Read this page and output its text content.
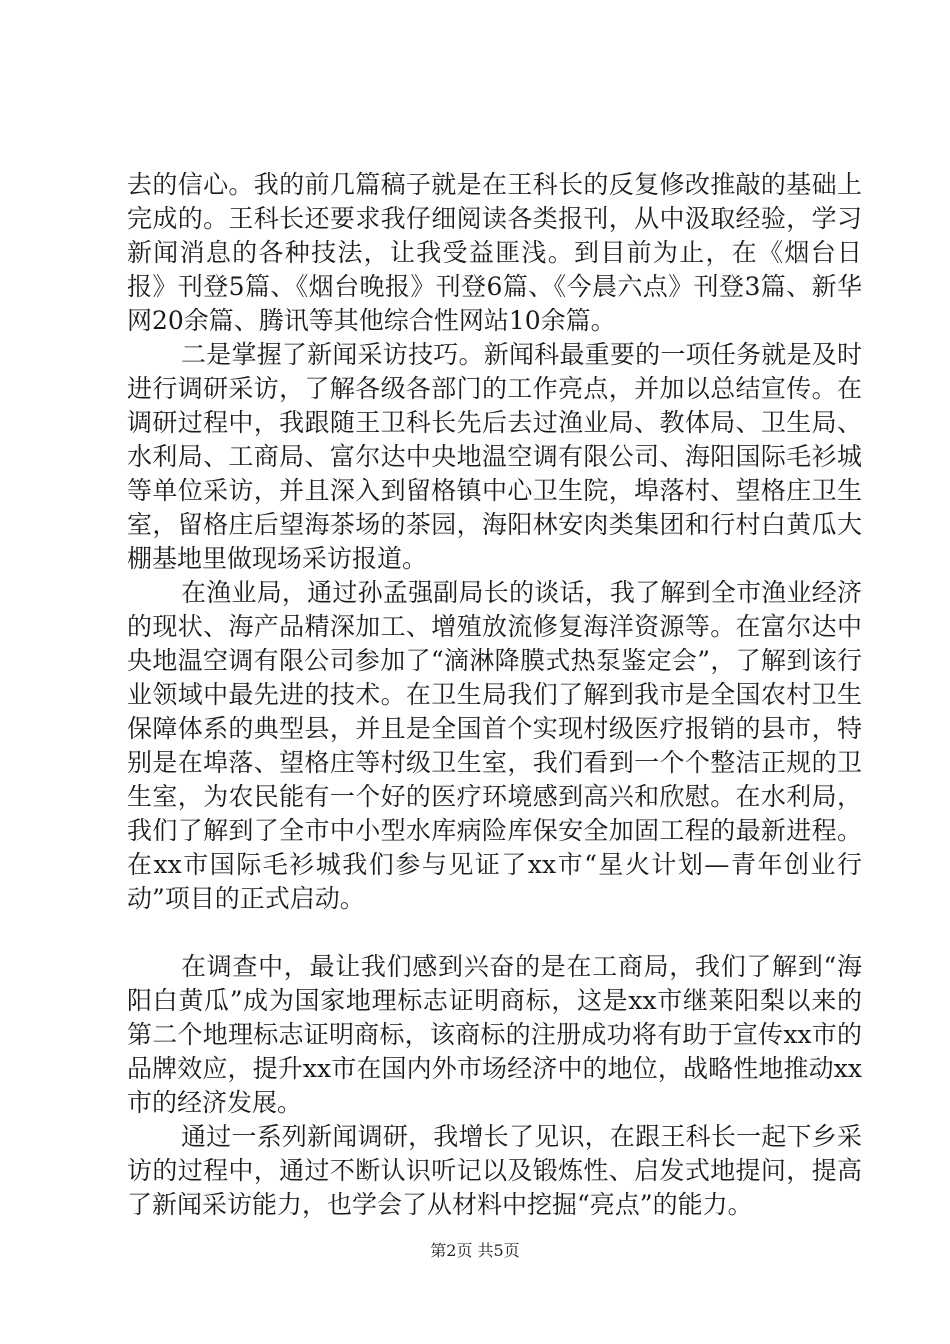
去的信心。我的前几篇稿子就是在王科长的反复修改推敲的基础上完成的。王科长还要求我仔细阅读各类报刊，从中汲取经验，学习新闻消息的各种技法，让我受益匪浅。到目前为止，在《烟台日报》刊登5篇、《烟台晚报》刊登6篇、《今晨六点》刊登3篇、新华网20余篇、腾讯等其他综合性网站10余篇。

二是掌握了新闻采访技巧。新闻科最重要的一项任务就是及时进行调研采访，了解各级各部门的工作亮点，并加以总结宣传。在调研过程中，我跟随王卫科长先后去过渔业局、教体局、卫生局、水利局、工商局、富尔达中央地温空调有限公司、海阳国际毛衫城等单位采访，并且深入到留格镇中心卫生院，埠落村、望格庄卫生室，留格庄后望海茶场的茶园，海阳林安肉类集团和行村白黄瓜大棚基地里做现场采访报道。

在渔业局，通过孙孟强副局长的谈话，我了解到全市渔业经济的现状、海产品精深加工、增殖放流修复海洋资源等。在富尔达中央地温空调有限公司参加了“滴淋降膜式热泵鉴定会”，了解到该行业领域中最先进的技术。在卫生局我们了解到我市是全国农村卫生保障体系的典型县，并且是全国首个实现村级医疗报销的县市，特别是在埠落、望格庄等村级卫生室，我们看到一个个整洁正规的卫生室，为农民能有一个好的医疗环境感到高兴和欣慰。在水利局，我们了解到了全市中小型水库病险库保安全加固工程的最新进程。在xx市国际毛衫城我们参与见证了xx市“星火计划—青年创业行动”项目的正式启动。

在调查中，最让我们感到兴奋的是在工商局，我们了解到“海阳白黄瓜”成为国家地理标志证明商标，这是xx市继莱阳梨以来的第二个地理标志证明商标，该商标的注册成功将有助于宣传xx市的品牌效应，提升xx市在国内外市场经济中的地位，战略性地推动xx市的经济发展。

通过一系列新闻调研，我增长了见识，在跟王科长一起下乡采访的过程中，通过不断认识听记以及锻炼性、启发式地提问，提高了新闻采访能力，也学会了从材料中挖掘“亮点”的能力。

第2页 共5页
